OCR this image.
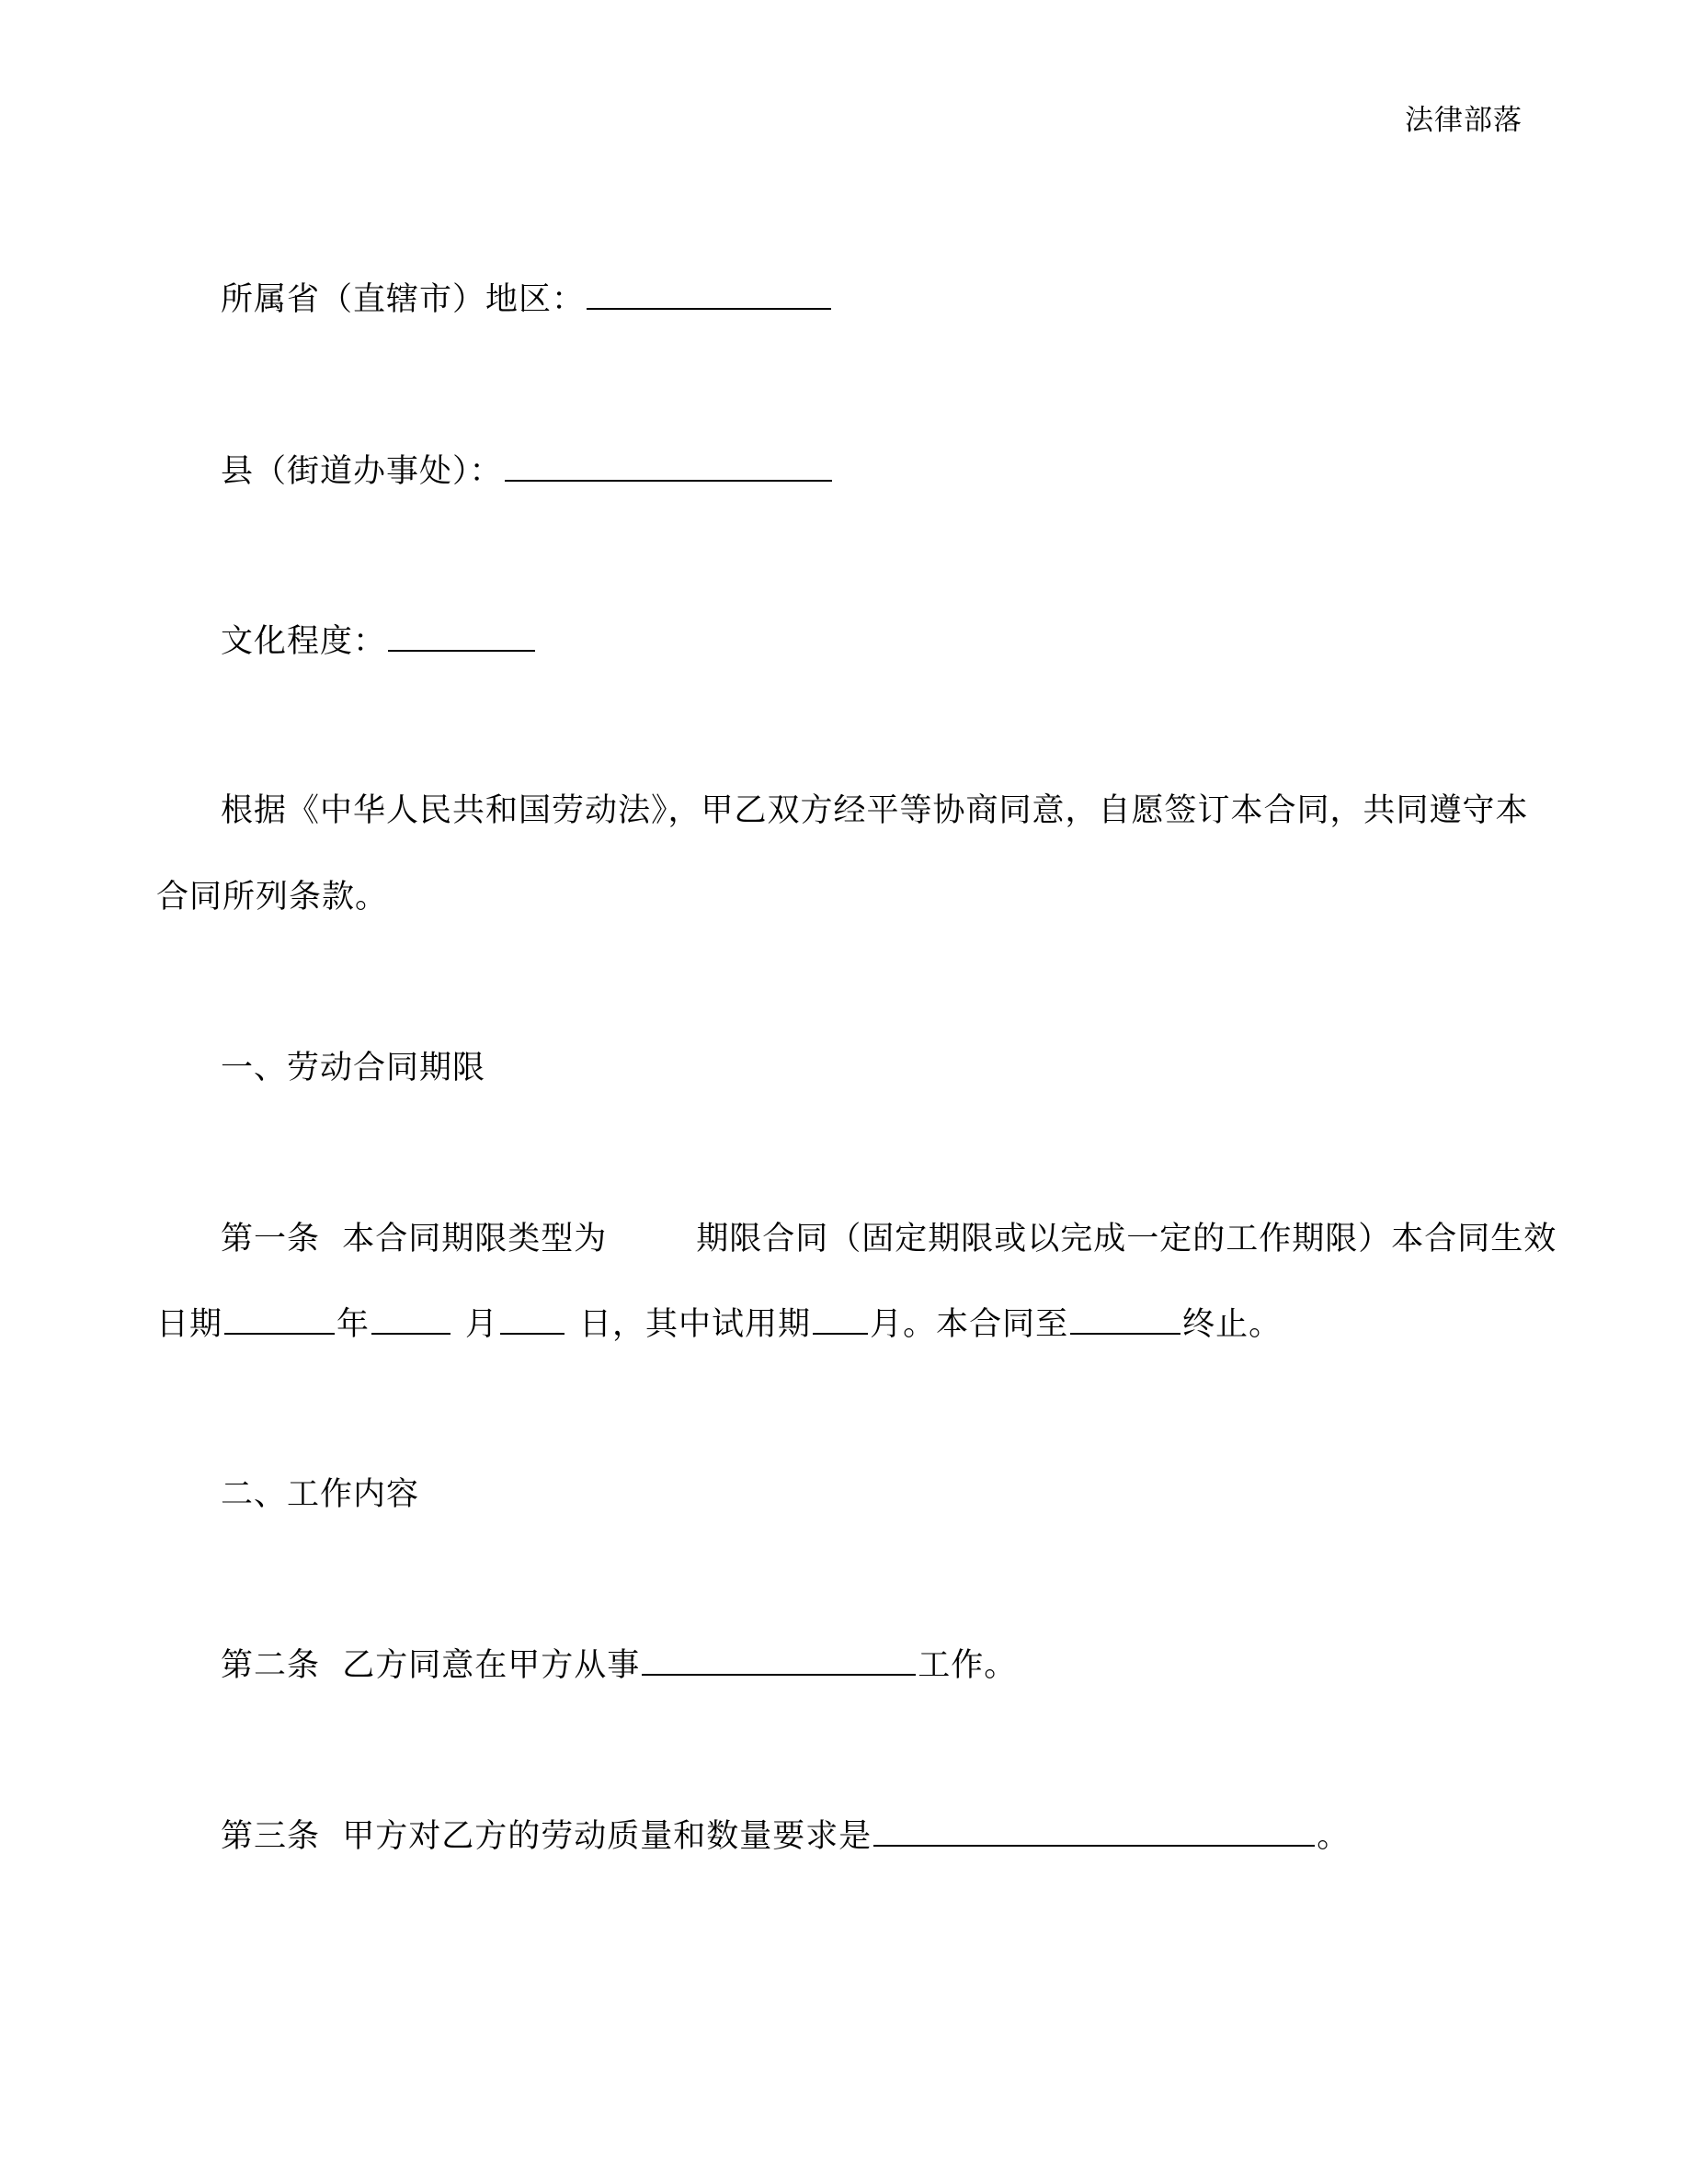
法律部落
所属省（直辖市）地区：
县（街道办事处）：
文化程度：
根据《中华人民共和国劳动法》，甲乙双方经平等协商同意，自愿签订本合同，共同遵守本
合同所列条款。
一、劳动合同期限
第一条  本合同期限类型为        期限合同（固定期限或以完成一定的工作期限）本合同生效
日期	年	月	日，其中试用期 月。本合同至	终止。
二、工作内容
第二条  乙方同意在甲方从事	工作。
第三条  甲方对乙方的劳动质量和数量要求是	。
